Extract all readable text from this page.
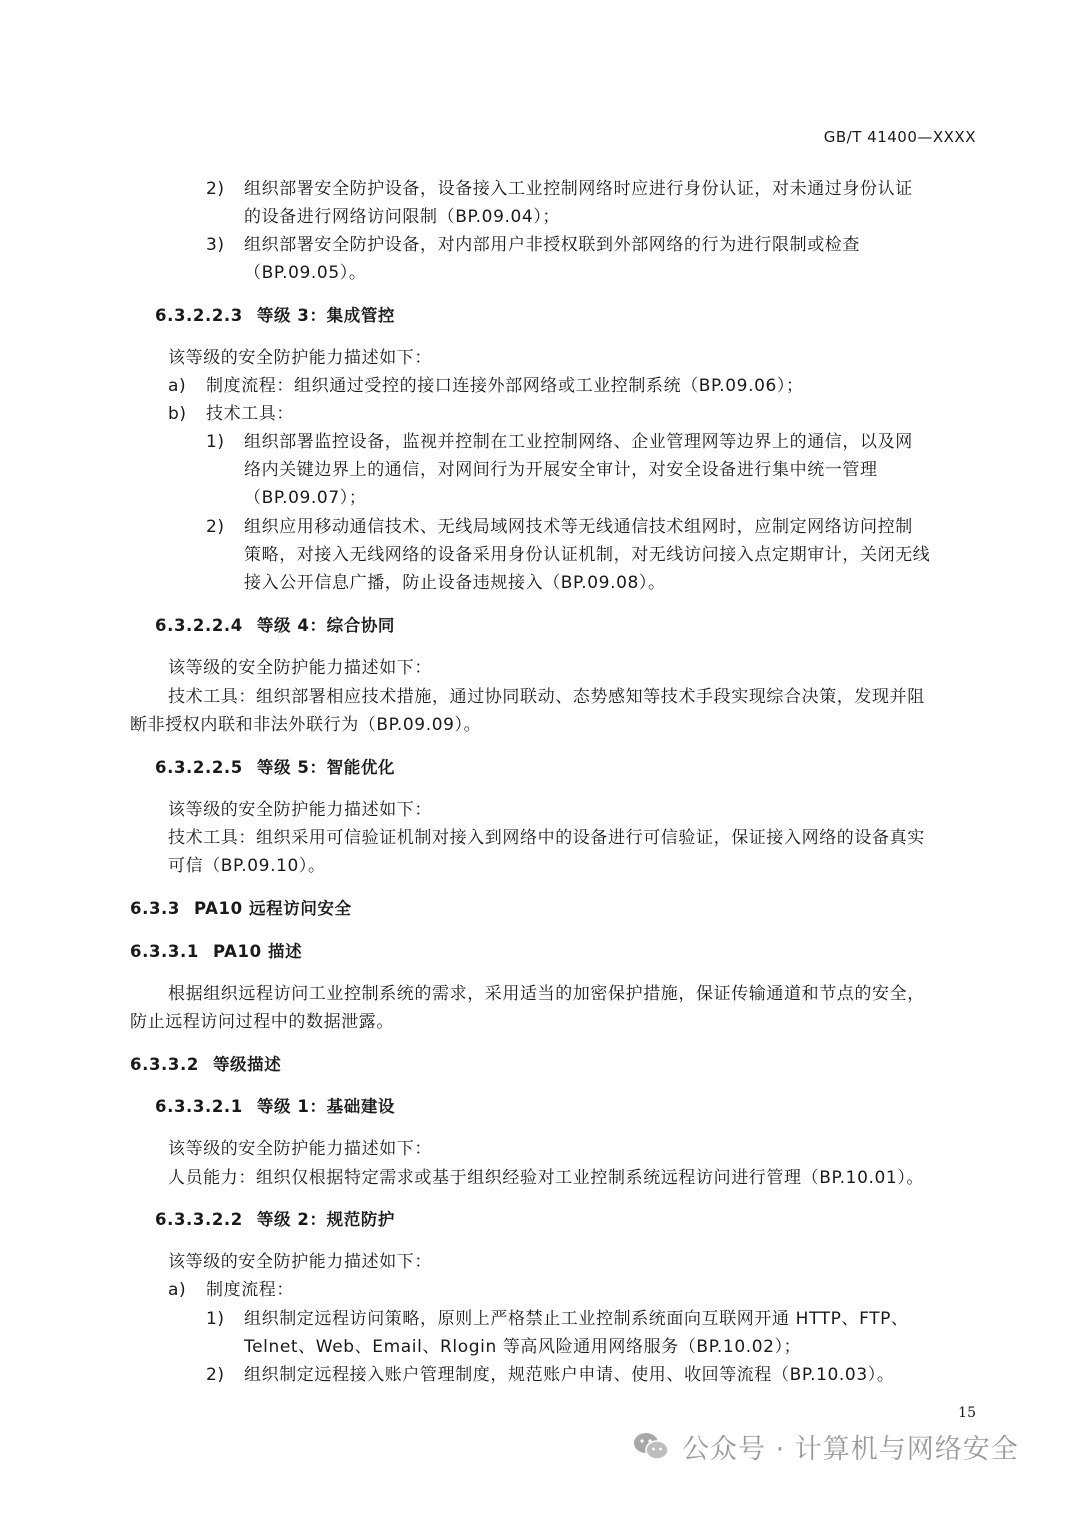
GB/T 41400—XXXX
2) 组织部署安全防护设备，设备接入工业控制网络时应进行身份认证，对未通过身份认证
的设备进行网络访问限制（BP.09.04）；
3) 组织部署安全防护设备，对内部用户非授权联到外部网络的行为进行限制或检查
（BP.09.05）。
6.3.2.2.3 等级 3：集成管控
该等级的安全防护能力描述如下：
a) 制度流程：组织通过受控的接口连接外部网络或工业控制系统（BP.09.06）；
b) 技术工具：
1) 组织部署监控设备，监视并控制在工业控制网络、企业管理网等边界上的通信，以及网
络内关键边界上的通信，对网间行为开展安全审计，对安全设备进行集中统一管理
（BP.09.07）；
2) 组织应用移动通信技术、无线局域网技术等无线通信技术组网时，应制定网络访问控制
策略，对接入无线网络的设备采用身份认证机制，对无线访问接入点定期审计，关闭无线
接入公开信息广播，防止设备违规接入（BP.09.08）。
6.3.2.2.4 等级 4：综合协同
该等级的安全防护能力描述如下：
技术工具：组织部署相应技术措施，通过协同联动、态势感知等技术手段实现综合决策，发现并阻
断非授权内联和非法外联行为（BP.09.09）。
6.3.2.2.5 等级 5：智能优化
该等级的安全防护能力描述如下：
技术工具：组织采用可信验证机制对接入到网络中的设备进行可信验证，保证接入网络的设备真实
可信（BP.09.10）。
6.3.3 PA10 远程访问安全
6.3.3.1 PA10 描述
根据组织远程访问工业控制系统的需求，采用适当的加密保护措施，保证传输通道和节点的安全，
防止远程访问过程中的数据泄露。
6.3.3.2 等级描述
6.3.3.2.1 等级 1：基础建设
该等级的安全防护能力描述如下：
人员能力：组织仅根据特定需求或基于组织经验对工业控制系统远程访问进行管理（BP.10.01）。
6.3.3.2.2 等级 2：规范防护
该等级的安全防护能力描述如下：
a) 制度流程：
1) 组织制定远程访问策略，原则上严格禁止工业控制系统面向互联网开通 HTTP、FTP、
Telnet、Web、Email、Rlogin 等高风险通用网络服务（BP.10.02）；
2) 组织制定远程接入账户管理制度，规范账户申请、使用、收回等流程（BP.10.03）。
15
公众号 · 计算机与网络安全
